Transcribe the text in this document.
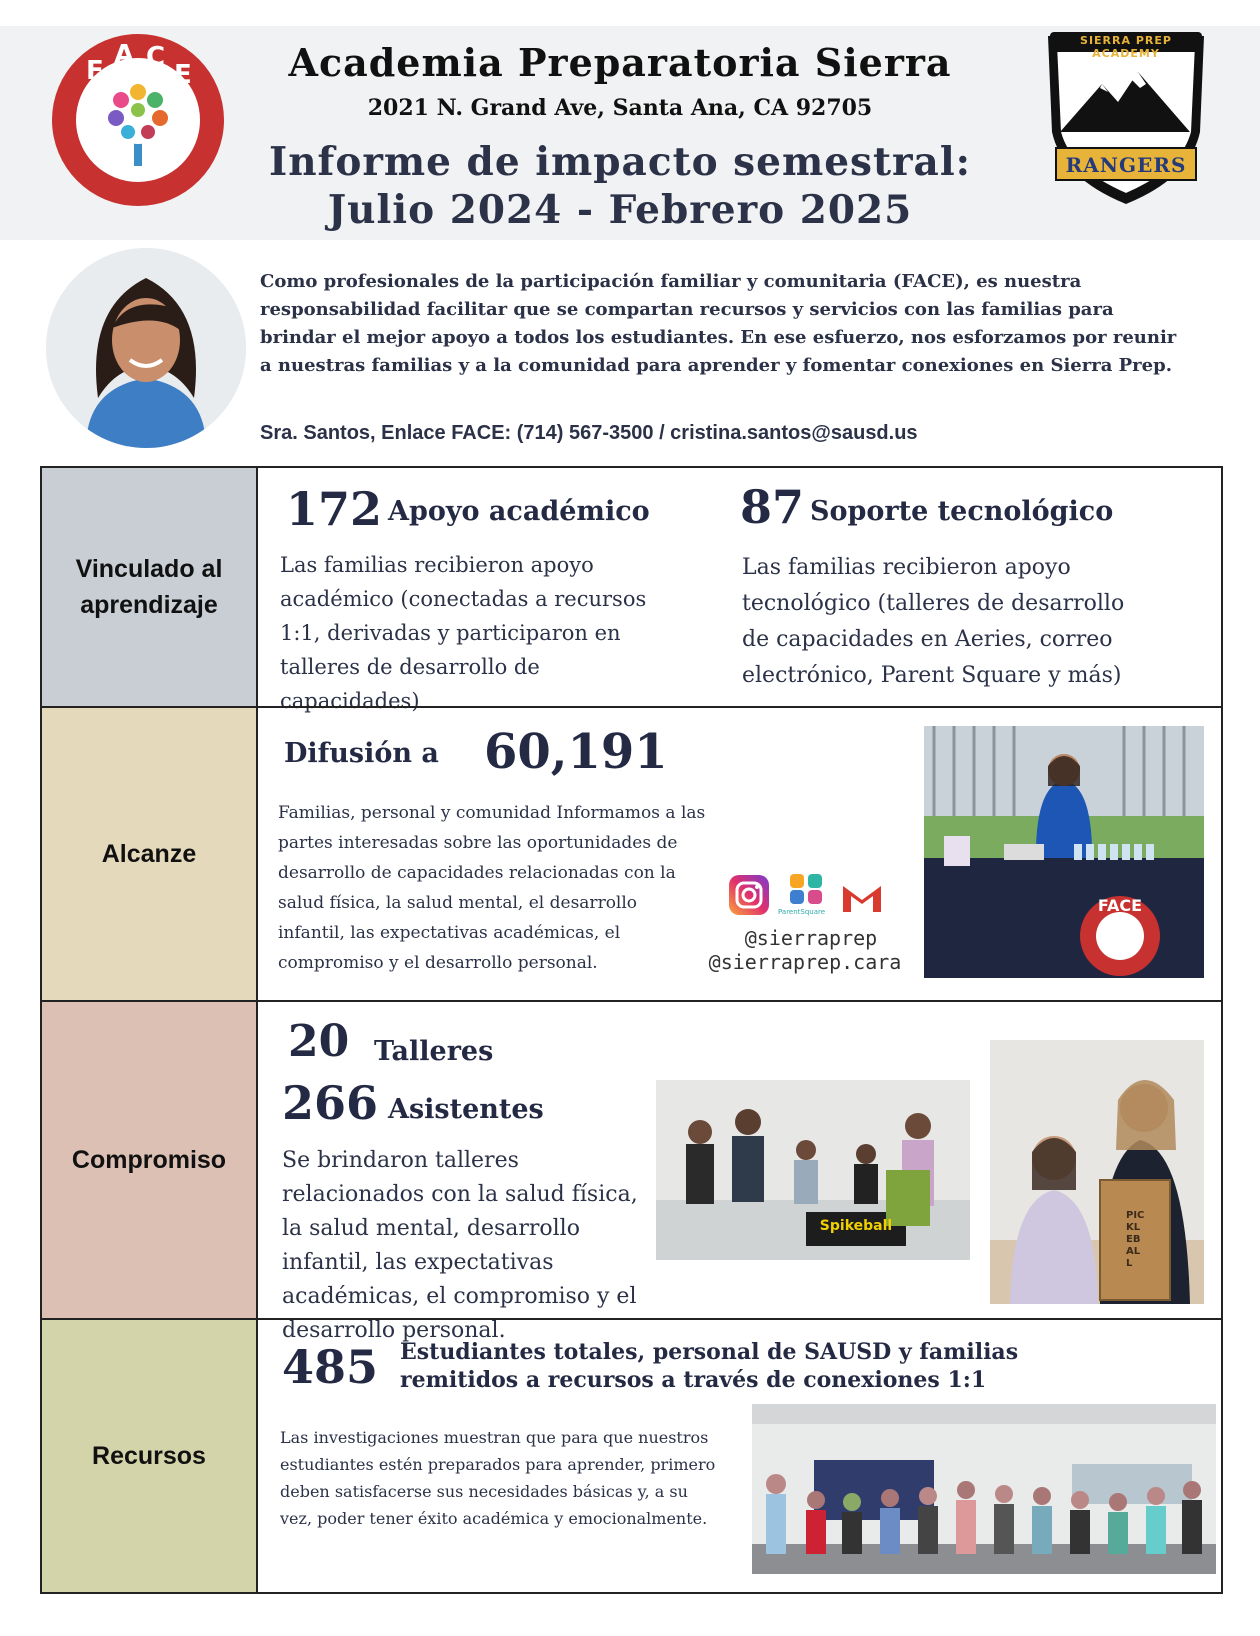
F
A C
E	Academia Preparatoria Sierra
2021 N. Grand Ave, Santa Ana, CA 92705
Informe de impacto semestral:
Julio 2024 - Febrero 2025
SIERRA PREP ACADEMY
RANGERS
Como profesionales de la participación familiar y comunitaria (FACE), es nuestra responsabilidad facilitar que se compartan recursos y servicios con las familias para brindar el mejor apoyo a todos los estudiantes. En ese esfuerzo, nos esforzamos por reunir a nuestras familias y a la comunidad para aprender y fomentar conexiones en Sierra Prep.
Sra. Santos, Enlace FACE: (714) 567-3500 / cristina.santos@sausd.us
Vinculado al aprendizaje
172 Apoyo académico
Las familias recibieron apoyo académico (conectadas a recursos 1:1, derivadas y participaron en talleres de desarrollo de capacidades)
87 Soporte tecnológico
Las familias recibieron apoyo tecnológico (talleres de desarrollo de capacidades en Aeries, correo electrónico, Parent Square y más)
Alcanze
Difusión a 60,191
Familias, personal y comunidad Informamos a las partes interesadas sobre las oportunidades de desarrollo de capacidades relacionadas con la salud física, la salud mental, el desarrollo infantil, las expectativas académicas, el compromiso y el desarrollo personal.
ParentSquare
@sierraprep
@sierraprep.cara
FACE
Compromiso
20 Talleres
266 Asistentes
Se brindaron talleres relacionados con la salud física, la salud mental, desarrollo infantil, las expectativas académicas, el compromiso y el desarrollo personal.
Spikeball
PICKLEBALL
Recursos
485 Estudiantes totales, personal de SAUSD y familias
remitidos a recursos a través de conexiones 1:1
Las investigaciones muestran que para que nuestros estudiantes estén preparados para aprender, primero deben satisfacerse sus necesidades básicas y, a su vez, poder tener éxito académica y emocionalmente.
